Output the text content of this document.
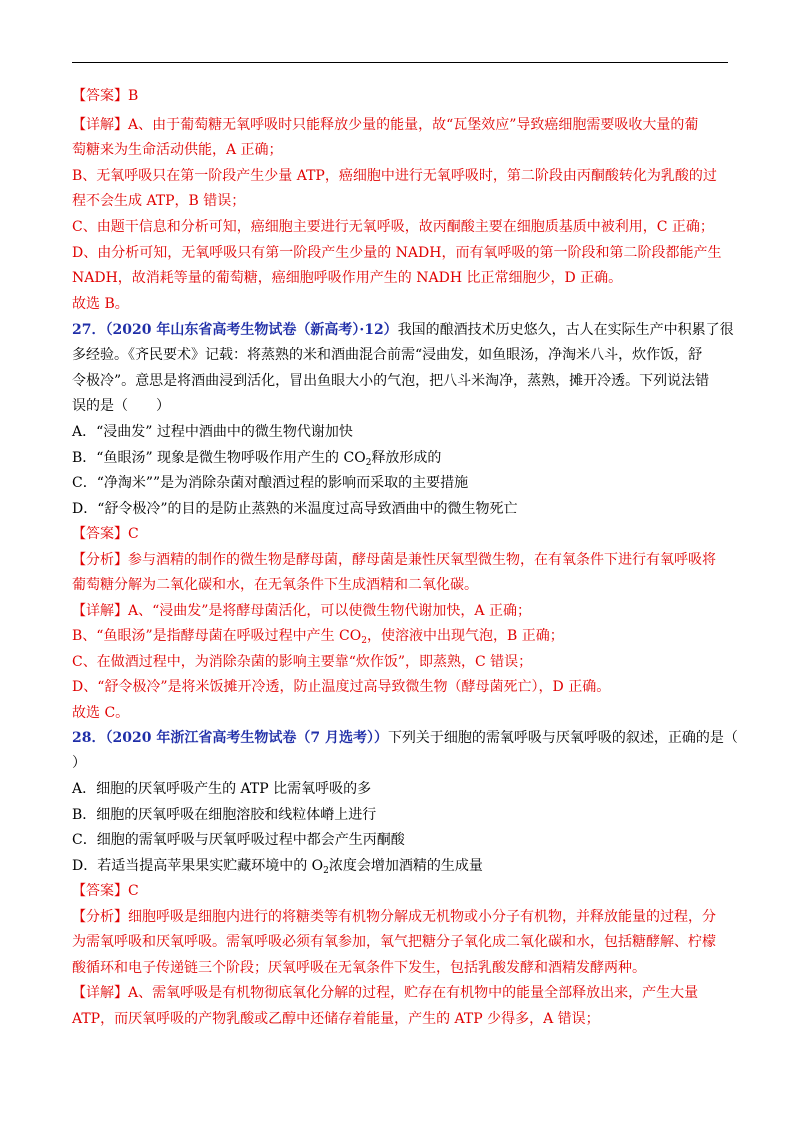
【答案】B
【详解】A、由于葡萄糖无氧呼吸时只能释放少量的能量，故“瓦堡效应”导致癌细胞需要吸收大量的葡
萄糖来为生命活动供能，A 正确；
B、无氧呼吸只在第一阶段产生少量 ATP，癌细胞中进行无氧呼吸时，第二阶段由丙酮酸转化为乳酸的过
程不会生成 ATP，B 错误；
C、由题干信息和分析可知，癌细胞主要进行无氧呼吸，故丙酮酸主要在细胞质基质中被利用，C 正确；
D、由分析可知，无氧呼吸只有第一阶段产生少量的 NADH，而有氧呼吸的第一阶段和第二阶段都能产生
NADH，故消耗等量的葡萄糖，癌细胞呼吸作用产生的 NADH 比正常细胞少，D 正确。
故选 B。
27．（2020 年山东省高考生物试卷（新高考）·12）我国的酿酒技术历史悠久，古人在实际生产中积累了很
多经验。《齐民要术》记载：将蒸熟的米和酒曲混合前需“浸曲发，如鱼眼汤，净淘米八斗，炊作饭，舒
令极冷”。意思是将酒曲浸到活化，冒出鱼眼大小的气泡，把八斗米淘净，蒸熟，摊开冷透。下列说法错
误的是（　　）
A．“浸曲发” 过程中酒曲中的微生物代谢加快
B．“鱼眼汤” 现象是微生物呼吸作用产生的 $CO_2$释放形成的
C．“净淘米””是为消除杂菌对酿酒过程的影响而采取的主要措施
D．“舒令极冷”的目的是防止蒸熟的米温度过高导致酒曲中的微生物死亡
【答案】C
【分析】参与酒精的制作的微生物是酵母菌，酵母菌是兼性厌氧型微生物，在有氧条件下进行有氧呼吸将
葡萄糖分解为二氧化碳和水，在无氧条件下生成酒精和二氧化碳。
【详解】A、“浸曲发”是将酵母菌活化，可以使微生物代谢加快，A 正确；
B、“鱼眼汤”是指酵母菌在呼吸过程中产生 $CO_2$，使溶液中出现气泡，B 正确；
C、在做酒过程中，为消除杂菌的影响主要靠“炊作饭”，即蒸熟，C 错误；
D、“舒令极冷”是将米饭摊开冷透，防止温度过高导致微生物（酵母菌死亡），D 正确。
故选 C。
28．（2020 年浙江省高考生物试卷（7 月选考））下列关于细胞的需氧呼吸与厌氧呼吸的叙述，正确的是（
）
A．细胞的厌氧呼吸产生的 ATP 比需氧呼吸的多
B．细胞的厌氧呼吸在细胞溶胶和线粒体嵴上进行
C．细胞的需氧呼吸与厌氧呼吸过程中都会产生丙酮酸
D．若适当提高苹果果实贮藏环境中的 $O_2$浓度会增加酒精的生成量
【答案】C
【分析】细胞呼吸是细胞内进行的将糖类等有机物分解成无机物或小分子有机物，并释放能量的过程，分
为需氧呼吸和厌氧呼吸。需氧呼吸必须有氧参加，氧气把糖分子氧化成二氧化碳和水，包括糖酵解、柠檬
酸循环和电子传递链三个阶段；厌氧呼吸在无氧条件下发生，包括乳酸发酵和酒精发酵两种。
【详解】A、需氧呼吸是有机物彻底氧化分解的过程，贮存在有机物中的能量全部释放出来，产生大量
ATP，而厌氧呼吸的产物乳酸或乙醇中还储存着能量，产生的 ATP 少得多，A 错误；
